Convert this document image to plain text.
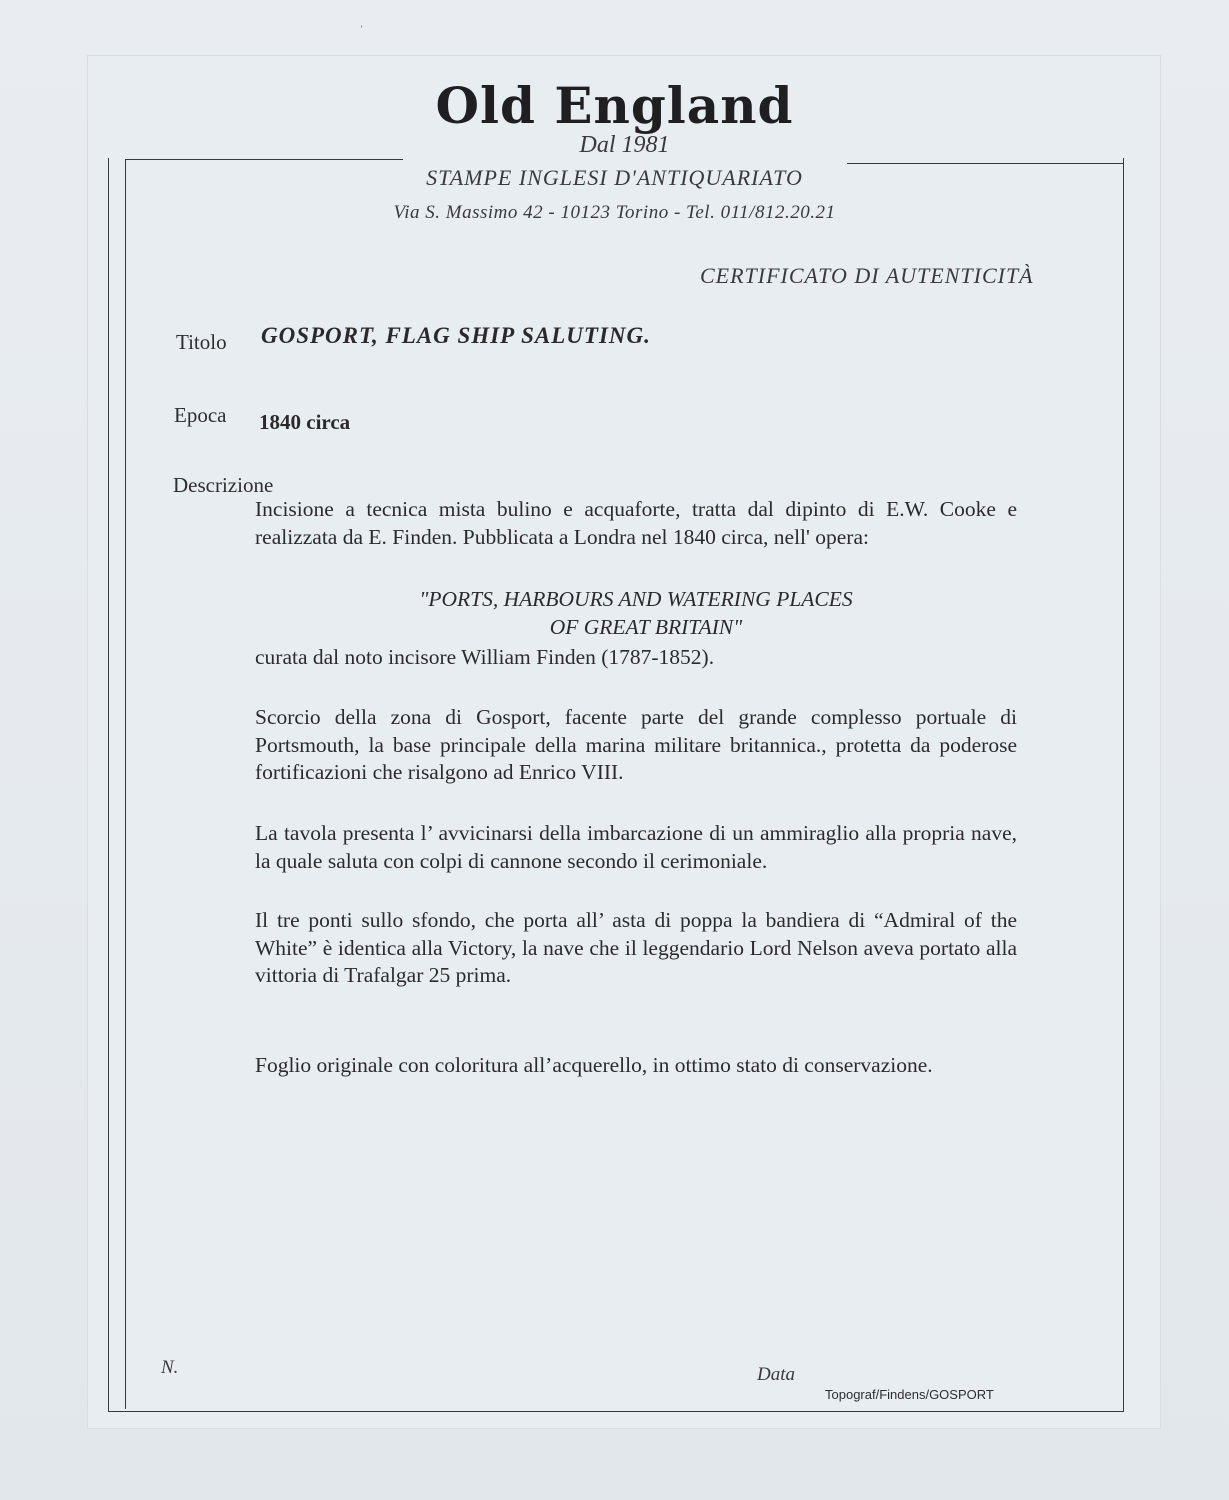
ʼ
Old England
Dal 1981
STAMPE INGLESI D'ANTIQUARIATO
Via S. Massimo 42 - 10123 Torino - Tel. 011/812.20.21
CERTIFICATO DI AUTENTICITÀ
Titolo GOSPORT, FLAG SHIP SALUTING.
Epoca 1840 circa
Descrizione

Incisione a tecnica mista bulino e acquaforte, tratta dal dipinto di E.W. Cooke e realizzata da E. Finden. Pubblicata a Londra nel 1840 circa, nell' opera:

"PORTS, HARBOURS AND WATERING PLACES
OF GREAT BRITAIN"

curata dal noto incisore William Finden (1787-1852).

Scorcio della zona di Gosport, facente parte del grande complesso portuale di Portsmouth, la base principale della marina militare britannica., protetta da poderose fortificazioni che risalgono ad Enrico VIII.

La tavola presenta l’ avvicinarsi della imbarcazione di un ammiraglio alla propria nave, la quale saluta con colpi di cannone secondo il cerimoniale.

Il tre ponti sullo sfondo, che porta all’ asta di poppa la bandiera di “Admiral of the White” è identica alla Victory, la nave che il leggendario Lord Nelson aveva portato alla vittoria di Trafalgar 25 prima.

Foglio originale con coloritura all’acquerello, in ottimo stato di conservazione.

N.	Data
Topograf/Findens/GOSPORT
